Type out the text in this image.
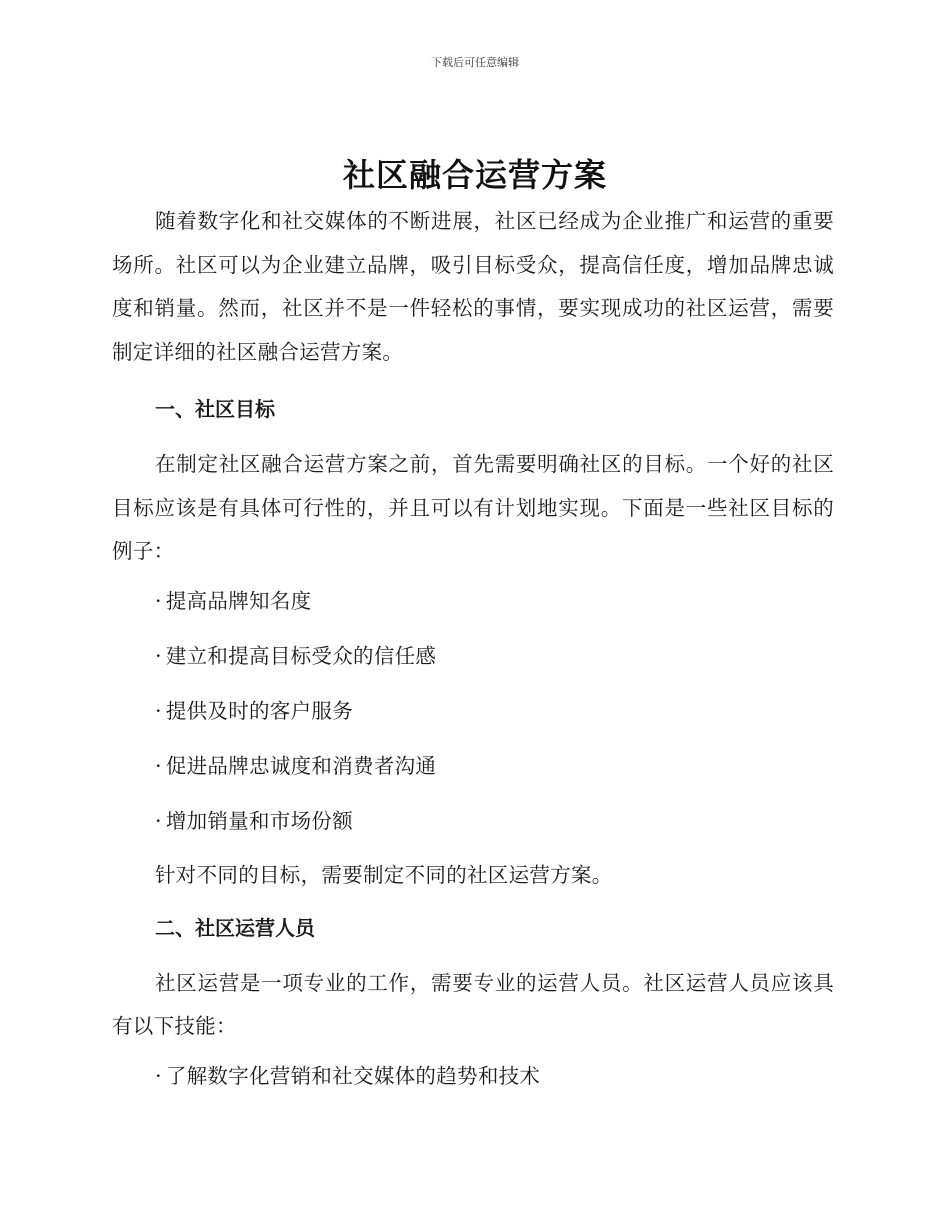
下载后可任意编辑
社区融合运营方案

随着数字化和社交媒体的不断进展，社区已经成为企业推广和运营的重要场所。社区可以为企业建立品牌，吸引目标受众，提高信任度，增加品牌忠诚度和销量。然而，社区并不是一件轻松的事情，要实现成功的社区运营，需要制定详细的社区融合运营方案。

一、社区目标

在制定社区融合运营方案之前，首先需要明确社区的目标。一个好的社区目标应该是有具体可行性的，并且可以有计划地实现。下面是一些社区目标的例子：

· 提高品牌知名度
· 建立和提高目标受众的信任感
· 提供及时的客户服务
· 促进品牌忠诚度和消费者沟通
· 增加销量和市场份额

针对不同的目标，需要制定不同的社区运营方案。

二、社区运营人员

社区运营是一项专业的工作，需要专业的运营人员。社区运营人员应该具有以下技能：

· 了解数字化营销和社交媒体的趋势和技术
